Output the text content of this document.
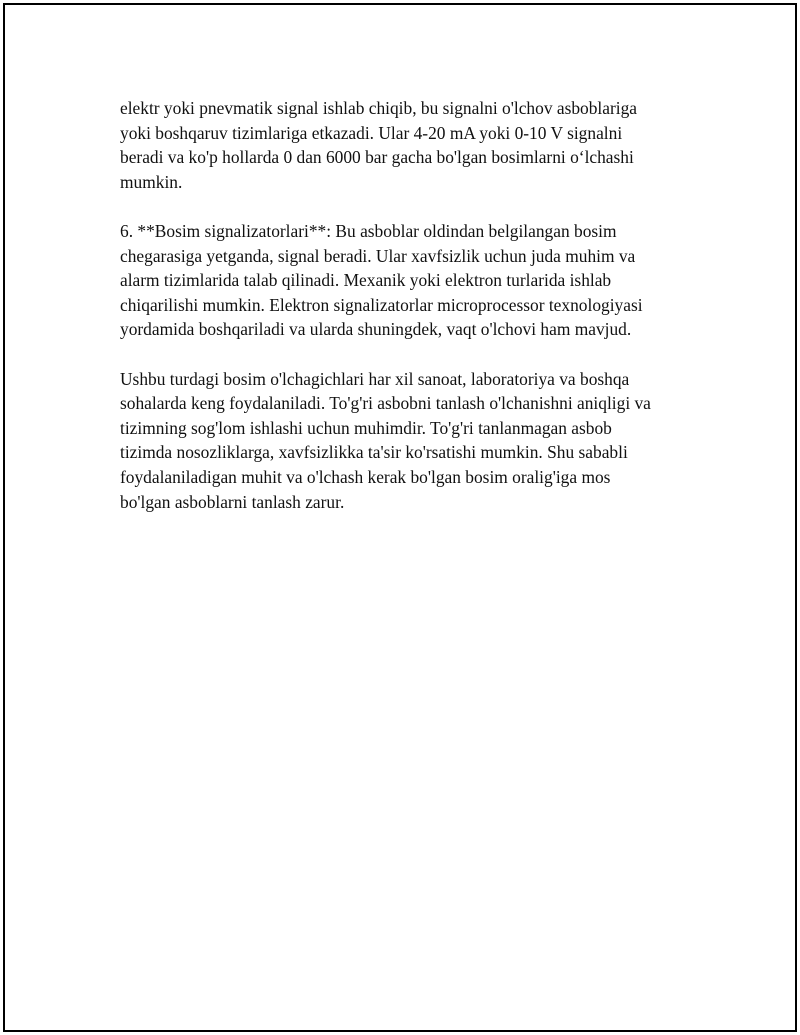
elektr yoki pnevmatik signal ishlab chiqib, bu signalni o'lchov asboblariga
yoki boshqaruv tizimlariga etkazadi. Ular 4-20 mA yoki 0-10 V signalni
beradi va ko'p hollarda 0 dan 6000 bar gacha bo'lgan bosimlarni o‘lchashi
mumkin.

6. **Bosim signalizatorlari**: Bu asboblar oldindan belgilangan bosim
chegarasiga yetganda, signal beradi. Ular xavfsizlik uchun juda muhim va
alarm tizimlarida talab qilinadi. Mexanik yoki elektron turlarida ishlab
chiqarilishi mumkin. Elektron signalizatorlar microprocessor texnologiyasi
yordamida boshqariladi va ularda shuningdek, vaqt o'lchovi ham mavjud.

Ushbu turdagi bosim o'lchagichlari har xil sanoat, laboratoriya va boshqa
sohalarda keng foydalaniladi. To'g'ri asbobni tanlash o'lchanishni aniqligi va
tizimning sog'lom ishlashi uchun muhimdir. To'g'ri tanlanmagan asbob
tizimda nosozliklarga, xavfsizlikka ta'sir ko'rsatishi mumkin. Shu sababli
foydalaniladigan muhit va o'lchash kerak bo'lgan bosim oralig'iga mos
bo'lgan asboblarni tanlash zarur.
